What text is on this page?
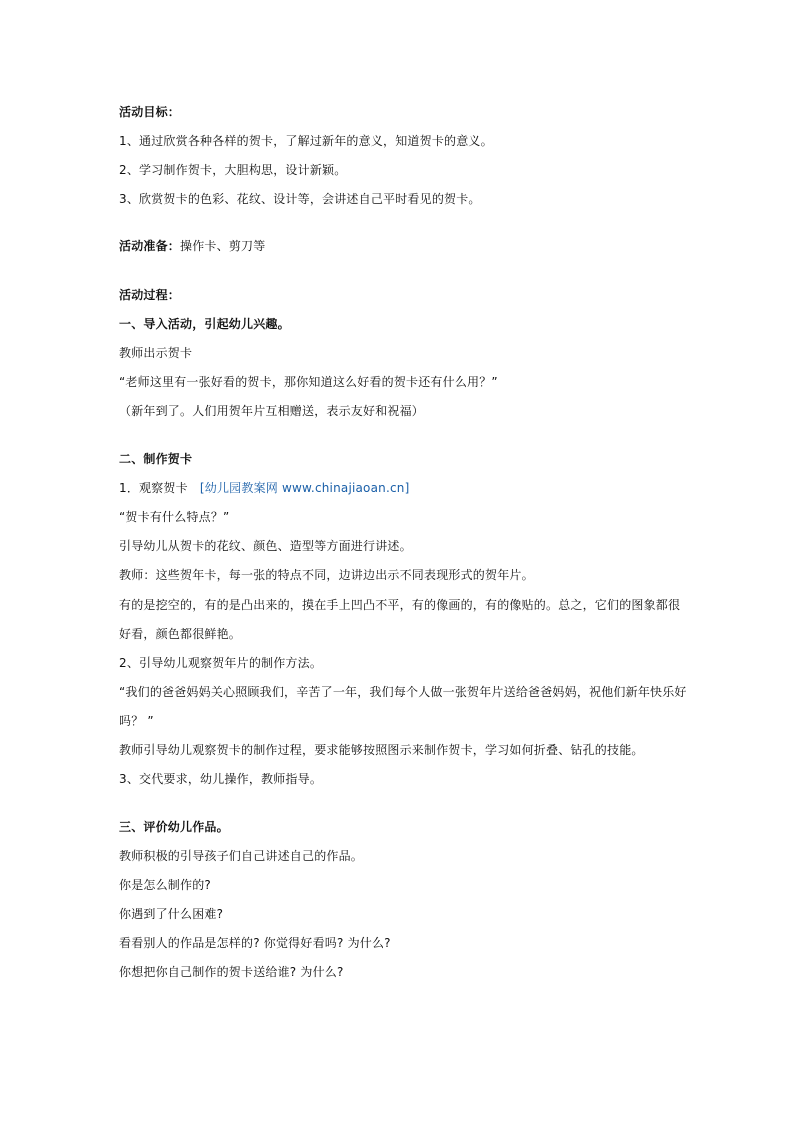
活动目标：
1、通过欣赏各种各样的贺卡，了解过新年的意义，知道贺卡的意义。
2、学习制作贺卡，大胆构思，设计新颖。
3、欣赏贺卡的色彩、花纹、设计等，会讲述自己平时看见的贺卡。
活动准备：操作卡、剪刀等
活动过程：
一、导入活动，引起幼儿兴趣。
教师出示贺卡
“老师这里有一张好看的贺卡，那你知道这么好看的贺卡还有什么用？”
（新年到了。人们用贺年片互相赠送，表示友好和祝福）
二、制作贺卡
1．观察贺卡 [幼儿园教案网 www.chinajiaoan.cn]
“贺卡有什么特点？”
引导幼儿从贺卡的花纹、颜色、造型等方面进行讲述。
教师：这些贺年卡，每一张的特点不同，边讲边出示不同表现形式的贺年片。
有的是挖空的，有的是凸出来的，摸在手上凹凸不平，有的像画的，有的像贴的。总之，它们的图象都很
好看，颜色都很鲜艳。
2、引导幼儿观察贺年片的制作方法。
“我们的爸爸妈妈关心照顾我们，辛苦了一年，我们每个人做一张贺年片送给爸爸妈妈，祝他们新年快乐好
吗？ ”
教师引导幼儿观察贺卡的制作过程，要求能够按照图示来制作贺卡，学习如何折叠、钻孔的技能。
3、交代要求，幼儿操作，教师指导。
三、评价幼儿作品。
教师积极的引导孩子们自己讲述自己的作品。
你是怎么制作的?
你遇到了什么困难?
看看别人的作品是怎样的? 你觉得好看吗? 为什么?
你想把你自己制作的贺卡送给谁? 为什么?
